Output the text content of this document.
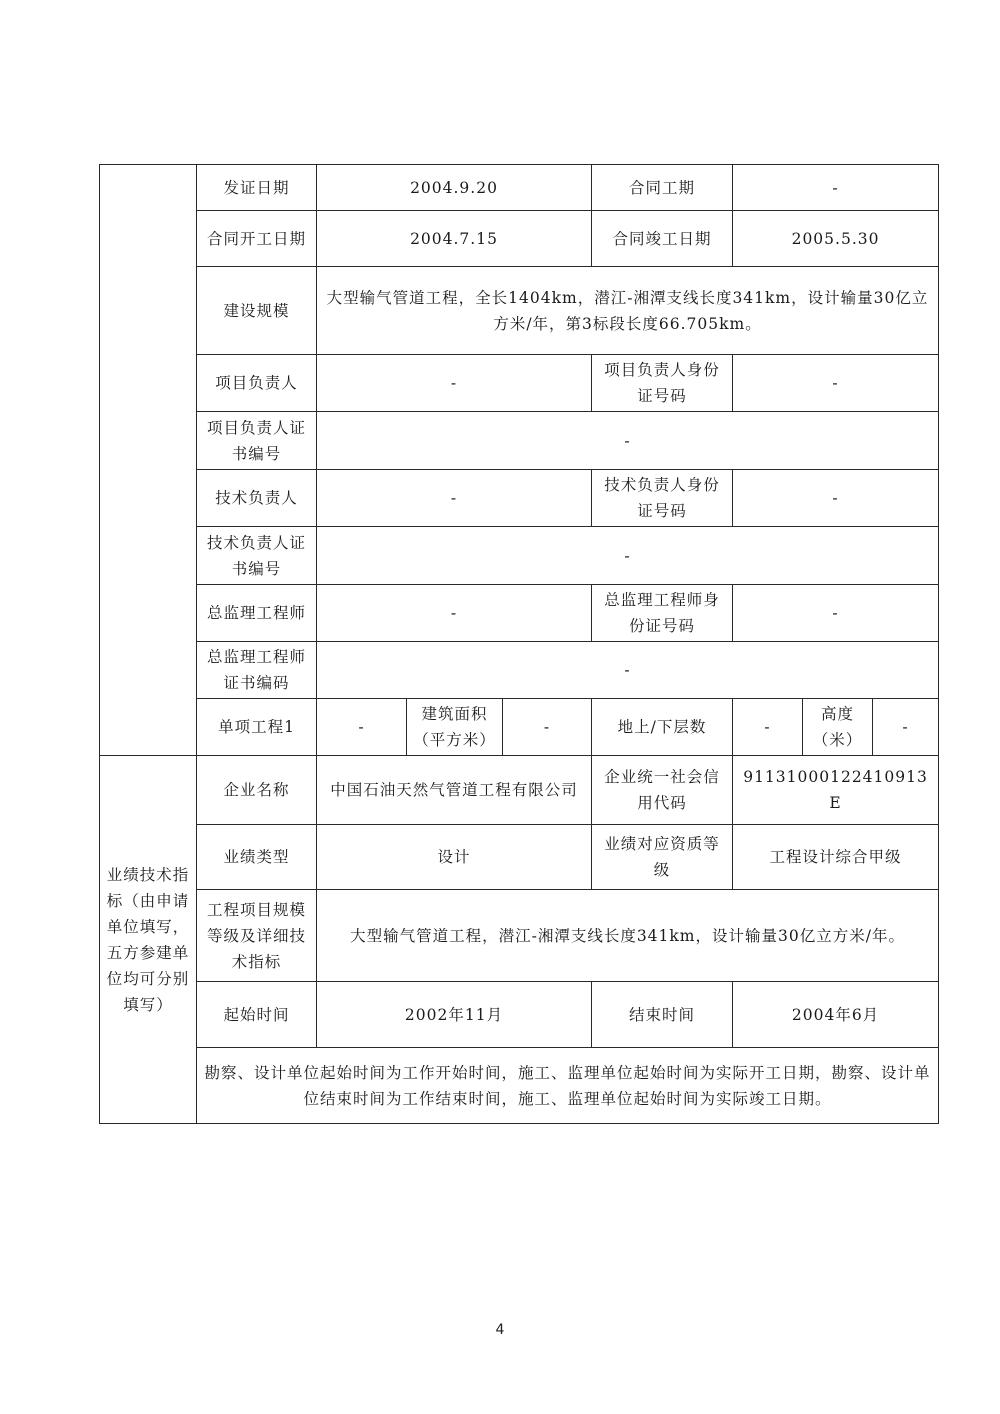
	发证日期	2004.9.20			合同工期	-		
	合同开工日期	2004.7.15			合同竣工日期	2005.5.30		
	建设规模	大型输气管道工程，全长1404km，潜江-湘潭支线长度341km，设计输量30亿立方米/年，第3标段长度66.705km。						
	项目负责人	-			项目负责人身份证号码	-		
	项目负责人证书编号	-						
	技术负责人	-			技术负责人身份证号码	-		
	技术负责人证书编号	-						
	总监理工程师	-			总监理工程师身份证号码	-		
	总监理工程师证书编码	-						
	单项工程1	-	建筑面积（平方米）	-	地上/下层数	-	高度（米）	-
业绩技术指标（由申请单位填写，五方参建单位均可分别填写）	企业名称	中国石油天然气管道工程有限公司			企业统一社会信用代码	91131000122410913E		
	业绩类型	设计			业绩对应资质等级	工程设计综合甲级		
	工程项目规模等级及详细技术指标	大型输气管道工程，潜江-湘潭支线长度341km，设计输量30亿立方米/年。						
	起始时间	2002年11月			结束时间	2004年6月		
	勘察、设计单位起始时间为工作开始时间，施工、监理单位起始时间为实际开工日期，勘察、设计单位结束时间为工作结束时间，施工、监理单位起始时间为实际竣工日期。							
4
